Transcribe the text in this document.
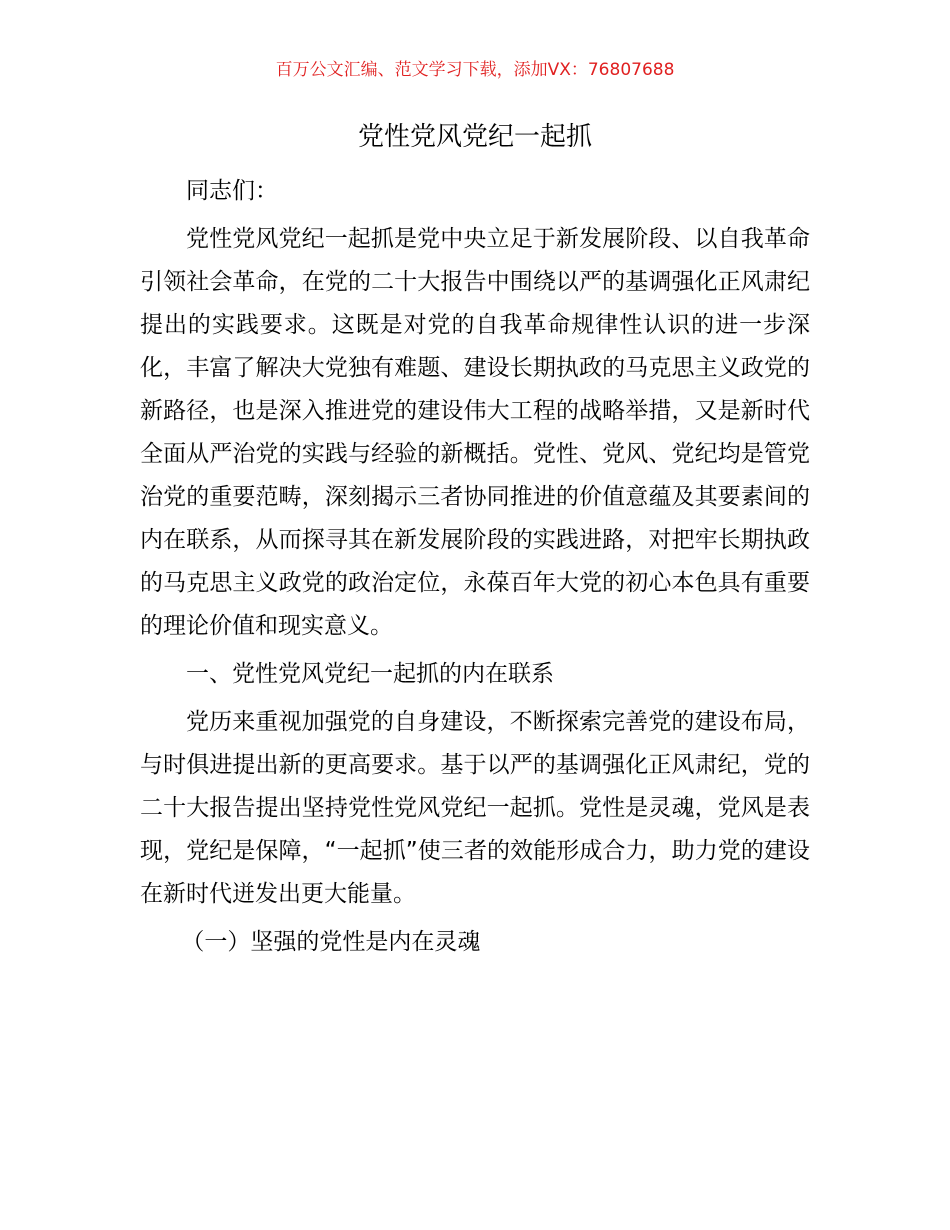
百万公文汇编、范文学习下载，添加VX：76807688
党性党风党纪一起抓

同志们：

党性党风党纪一起抓是党中央立足于新发展阶段、以自我革命引领社会革命，在党的二十大报告中围绕以严的基调强化正风肃纪提出的实践要求。这既是对党的自我革命规律性认识的进一步深化，丰富了解决大党独有难题、建设长期执政的马克思主义政党的新路径，也是深入推进党的建设伟大工程的战略举措，又是新时代全面从严治党的实践与经验的新概括。党性、党风、党纪均是管党治党的重要范畴，深刻揭示三者协同推进的价值意蕴及其要素间的内在联系，从而探寻其在新发展阶段的实践进路，对把牢长期执政的马克思主义政党的政治定位，永葆百年大党的初心本色具有重要的理论价值和现实意义。

一、党性党风党纪一起抓的内在联系

党历来重视加强党的自身建设，不断探索完善党的建设布局，与时俱进提出新的更高要求。基于以严的基调强化正风肃纪，党的二十大报告提出坚持党性党风党纪一起抓。党性是灵魂，党风是表现，党纪是保障，“一起抓”使三者的效能形成合力，助力党的建设在新时代迸发出更大能量。

（一）坚强的党性是内在灵魂
